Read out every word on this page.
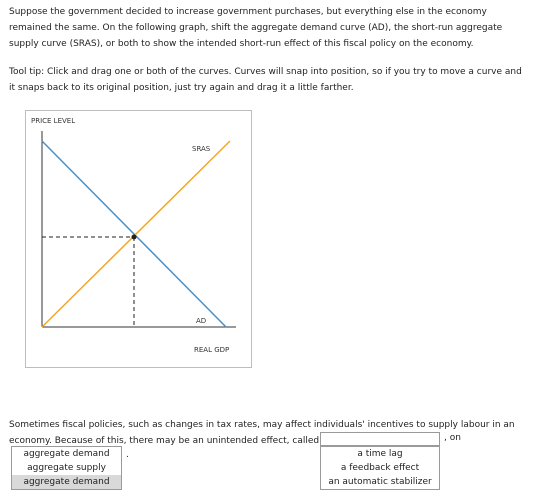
Suppose the government decided to increase government purchases, but everything else in the economy remained the same. On the following graph, shift the aggregate demand curve (AD), the short-run aggregate supply curve (SRAS), or both to show the intended short-run effect of this fiscal policy on the economy.

Tool tip: Click and drag one or both of the curves. Curves will snap into position, so if you try to move a curve and it snaps back to its original position, just try again and drag it a little farther.

PRICE LEVEL
SRAS
AD
REAL GDP

Sometimes fiscal policies, such as changes in tax rates, may affect individuals' incentives to supply labour in an economy. Because of this, there may be an unintended effect, called	, on
aggregate demand
aggregate supply
aggregate demand
.	a time lag
a feedback effect
an automatic stabilizer
